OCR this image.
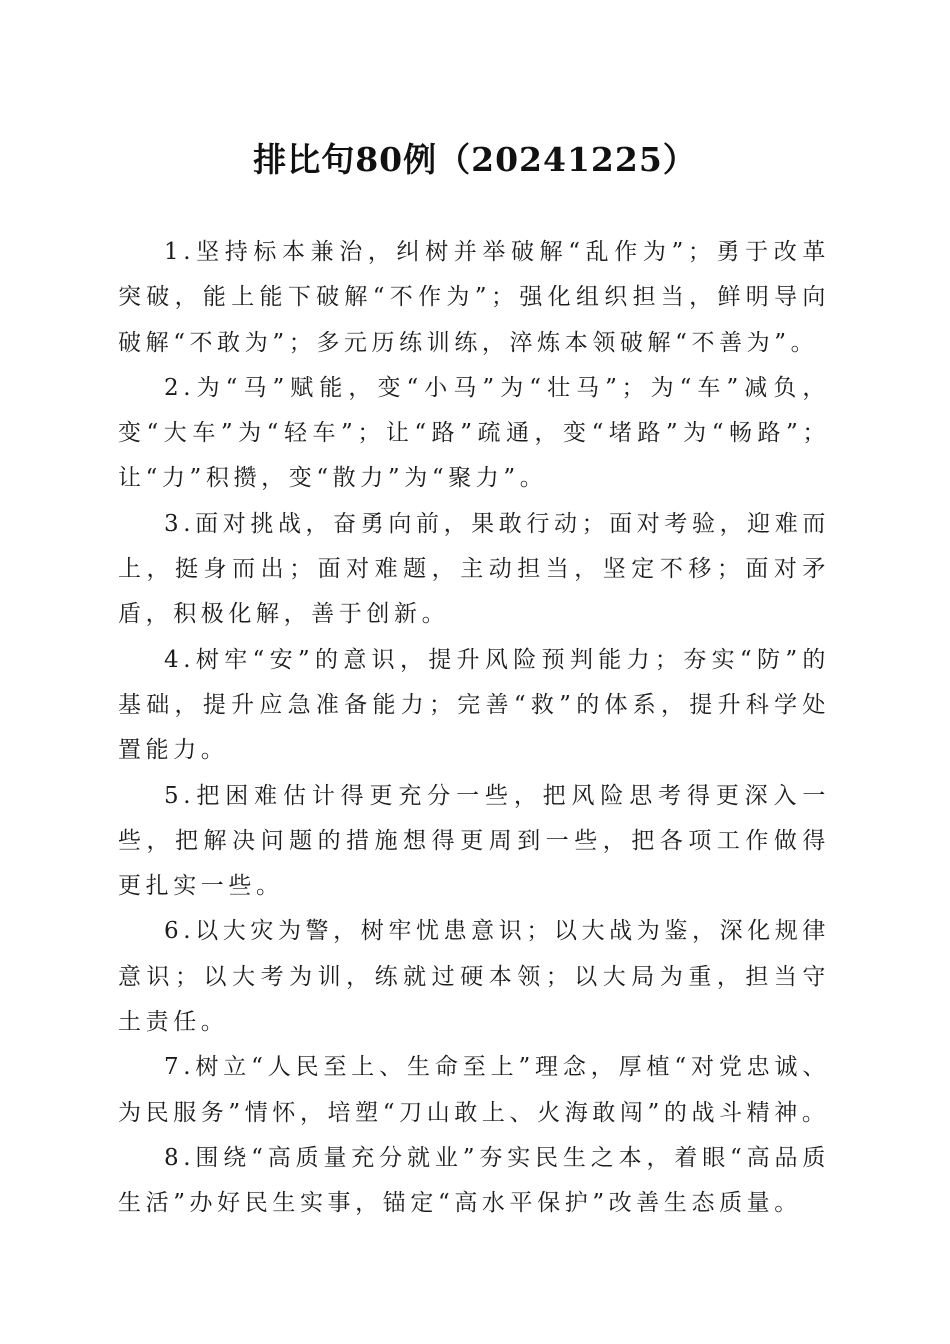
排比句80例（20241225）

1.坚持标本兼治，纠树并举破解“乱作为”；勇于改革突破，能上能下破解“不作为”；强化组织担当，鲜明导向破解“不敢为”；多元历练训练，淬炼本领破解“不善为”。

2.为“马”赋能，变“小马”为“壮马”；为“车”减负，变“大车”为“轻车”；让“路”疏通，变“堵路”为“畅路”；让“力”积攒，变“散力”为“聚力”。

3.面对挑战，奋勇向前，果敢行动；面对考验，迎难而上，挺身而出；面对难题，主动担当，坚定不移；面对矛盾，积极化解，善于创新。

4.树牢“安”的意识，提升风险预判能力；夯实“防”的基础，提升应急准备能力；完善“救”的体系，提升科学处置能力。

5.把困难估计得更充分一些，把风险思考得更深入一些，把解决问题的措施想得更周到一些，把各项工作做得更扎实一些。

6.以大灾为警，树牢忧患意识；以大战为鉴，深化规律意识；以大考为训，练就过硬本领；以大局为重，担当守土责任。

7.树立“人民至上、生命至上”理念，厚植“对党忠诚、为民服务”情怀，培塑“刀山敢上、火海敢闯”的战斗精神。

8.围绕“高质量充分就业”夯实民生之本，着眼“高品质生活”办好民生实事，锚定“高水平保护”改善生态质量。
